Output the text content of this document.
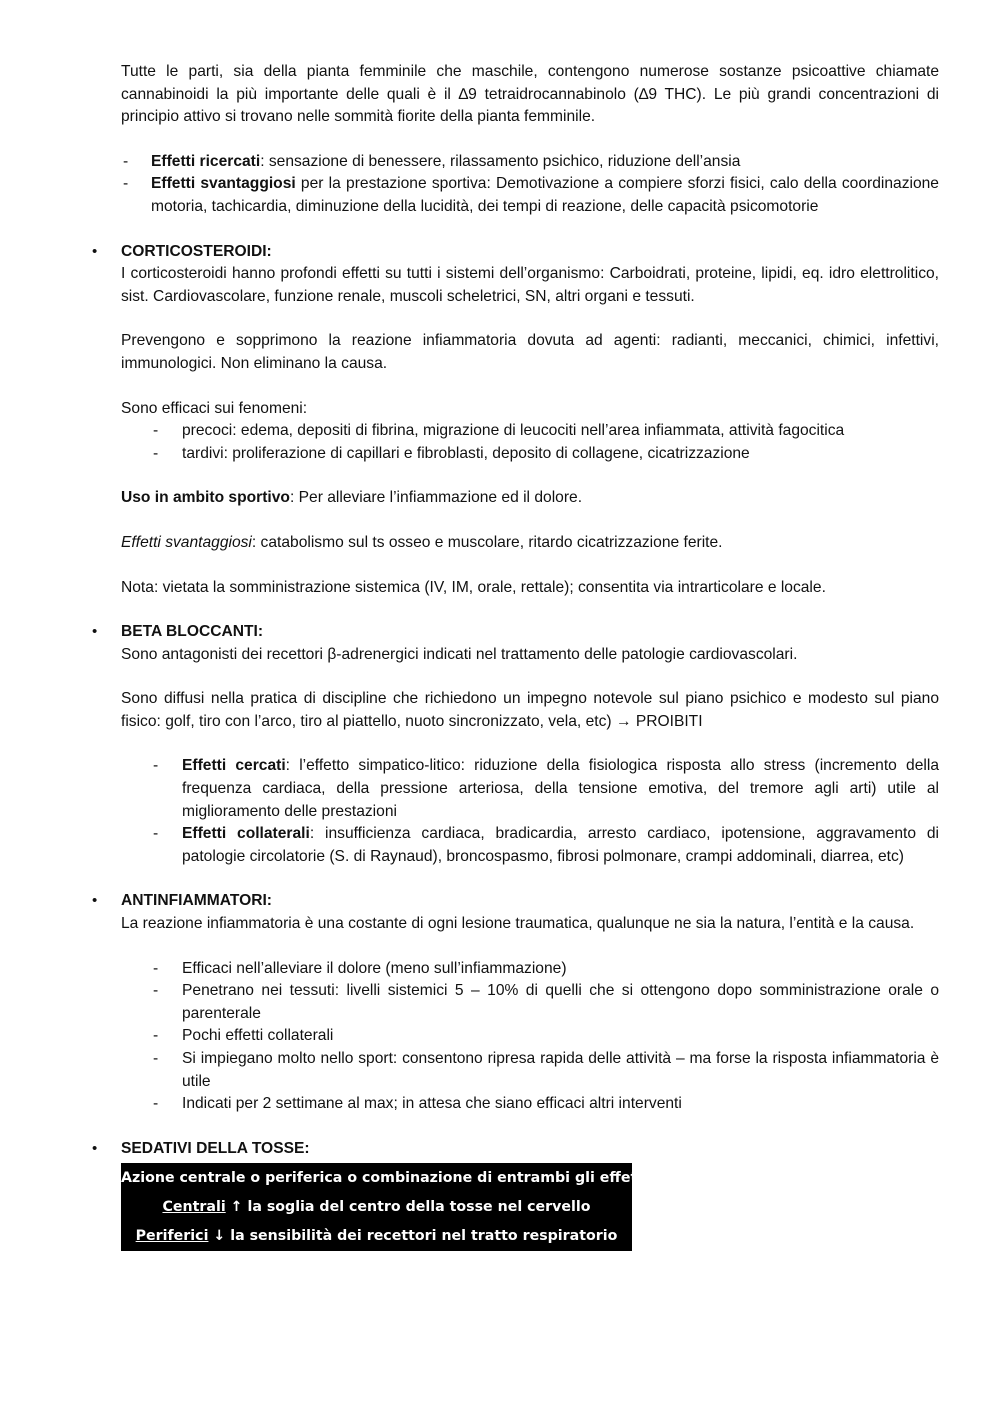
Tutte le parti, sia della pianta femminile che maschile, contengono numerose sostanze psicoattive chiamate cannabinoidi la più importante delle quali è il ∆9 tetraidrocannabinolo (∆9 THC). Le più grandi concentrazioni di principio attivo si trovano nelle sommità fiorite della pianta femminile.

- Effetti ricercati: sensazione di benessere, rilassamento psichico, riduzione dell’ansia
- Effetti svantaggiosi per la prestazione sportiva: Demotivazione a compiere sforzi fisici, calo della coordinazione motoria, tachicardia, diminuzione della lucidità, dei tempi di reazione, delle capacità psicomotorie
• CORTICOSTEROIDI:

I corticosteroidi hanno profondi effetti su tutti i sistemi dell’organismo: Carboidrati, proteine, lipidi, eq. idro elettrolitico, sist. Cardiovascolare, funzione renale, muscoli scheletrici, SN, altri organi e tessuti.

Prevengono e sopprimono la reazione infiammatoria dovuta ad agenti: radianti, meccanici, chimici, infettivi, immunologici. Non eliminano la causa.

Sono efficaci sui fenomeni:

- precoci: edema, depositi di fibrina, migrazione di leucociti nell’area infiammata, attività fagocitica
- tardivi: proliferazione di capillari e fibroblasti, deposito di collagene, cicatrizzazione

Uso in ambito sportivo: Per alleviare l’infiammazione ed il dolore.

Effetti svantaggiosi: catabolismo sul ts osseo e muscolare, ritardo cicatrizzazione ferite.

Nota: vietata la somministrazione sistemica (IV, IM, orale, rettale); consentita via intrarticolare e locale.

• BETA BLOCCANTI:

Sono antagonisti dei recettori β-adrenergici indicati nel trattamento delle patologie cardiovascolari.

Sono diffusi nella pratica di discipline che richiedono un impegno notevole sul piano psichico e modesto sul piano fisico: golf, tiro con l’arco, tiro al piattello, nuoto sincronizzato, vela, etc) → PROIBITI

- Effetti cercati: l’effetto simpatico-litico: riduzione della fisiologica risposta allo stress (incremento della frequenza cardiaca, della pressione arteriosa, della tensione emotiva, del tremore agli arti) utile al miglioramento delle prestazioni
- Effetti collaterali: insufficienza cardiaca, bradicardia, arresto cardiaco, ipotensione, aggravamento di patologie circolatorie (S. di Raynaud), broncospasmo, fibrosi polmonare, crampi addominali, diarrea, etc)
• ANTINFIAMMATORI:

La reazione infiammatoria è una costante di ogni lesione traumatica, qualunque ne sia la natura, l’entità e la causa.

- Efficaci nell’alleviare il dolore (meno sull’infiammazione)
- Penetrano nei tessuti: livelli sistemici 5 – 10% di quelli che si ottengono dopo somministrazione orale o parenterale
- Pochi effetti collaterali
- Si impiegano molto nello sport: consentono ripresa rapida delle attività – ma forse la risposta infiammatoria è utile
- Indicati per 2 settimane al max; in attesa che siano efficaci altri interventi
• SEDATIVI DELLA TOSSE:

Azione centrale o periferica o combinazione di entrambi gli effetti
Centrali ↑ la soglia del centro della tosse nel cervello
Periferici ↓ la sensibilità dei recettori nel tratto respiratorio
